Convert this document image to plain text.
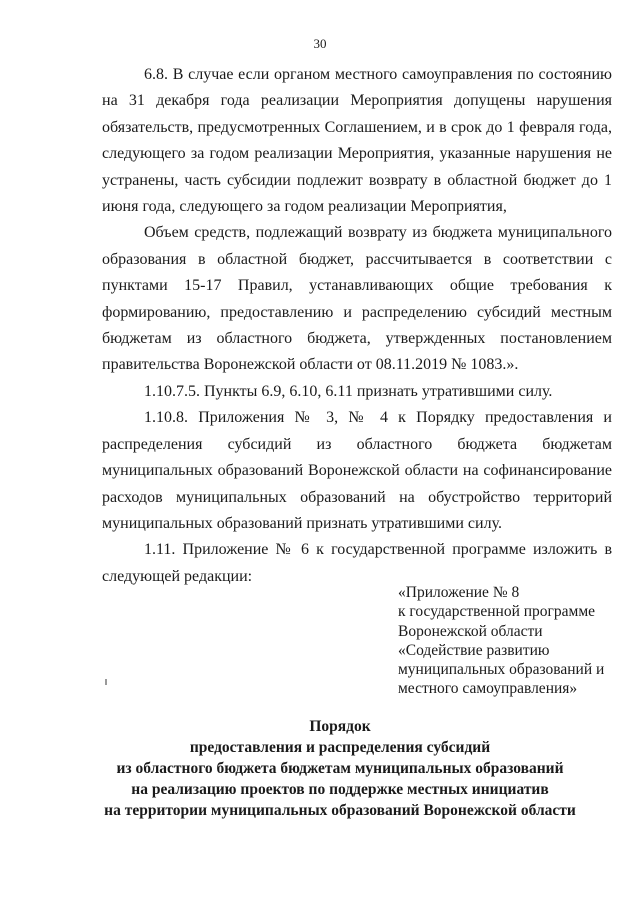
30

6.8. В случае если органом местного самоуправления по состоянию на 31 декабря года реализации Мероприятия допущены нарушения обязательств, предусмотренных Соглашением, и в срок до 1 февраля года, следующего за годом реализации Мероприятия, указанные нарушения не устранены, часть субсидии подлежит возврату в областной бюджет до 1 июня года, следующего за годом реализации Мероприятия,

Объем средств, подлежащий возврату из бюджета муниципального образования в областной бюджет, рассчитывается в соответствии с пунктами 15-17 Правил, устанавливающих общие требования к формированию, предоставлению и распределению субсидий местным бюджетам из областного бюджета, утвержденных постановлением правительства Воронежской области от 08.11.2019 № 1083.».

1.10.7.5. Пункты 6.9, 6.10, 6.11 признать утратившими силу.

1.10.8. Приложения № 3, № 4 к Порядку предоставления и распределения субсидий из областного бюджета бюджетам муниципальных образований Воронежской области на софинансирование расходов муниципальных образований на обустройство территорий муниципальных образований признать утратившими силу.

1.11. Приложение № 6 к государственной программе изложить в следующей редакции:

«Приложение № 8
к государственной программе
Воронежской области
«Содействие развитию
муниципальных образований и
местного самоуправления»
Порядок
предоставления и распределения субсидий
из областного бюджета бюджетам муниципальных образований
на реализацию проектов по поддержке местных инициатив
на территории муниципальных образований Воронежской области
